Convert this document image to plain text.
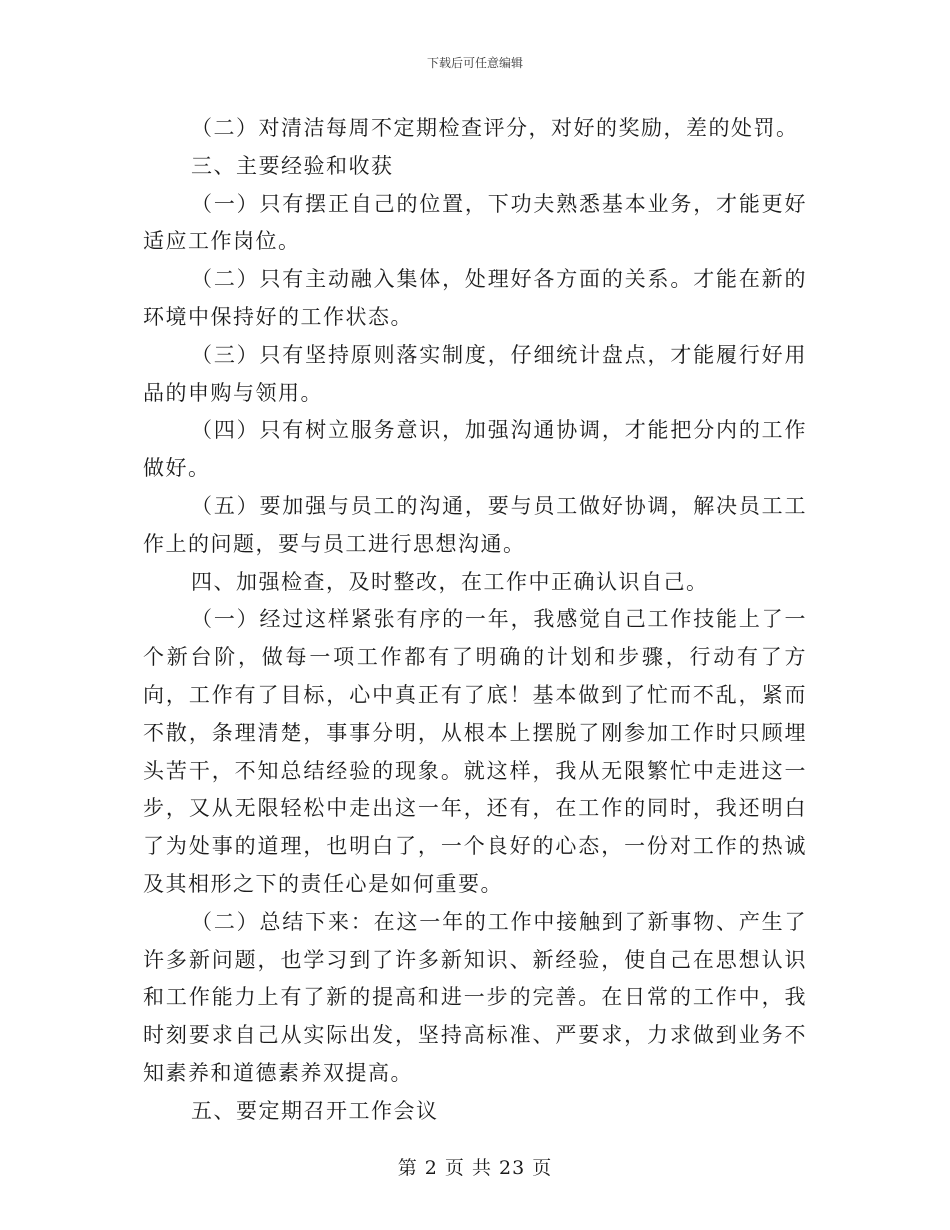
下载后可任意编辑

（二）对清洁每周不定期检查评分，对好的奖励，差的处罚。

三、主要经验和收获

（一）只有摆正自己的位置，下功夫熟悉基本业务，才能更好适应工作岗位。

（二）只有主动融入集体，处理好各方面的关系。才能在新的环境中保持好的工作状态。

（三）只有坚持原则落实制度，仔细统计盘点，才能履行好用品的申购与领用。

（四）只有树立服务意识，加强沟通协调，才能把分内的工作做好。

（五）要加强与员工的沟通，要与员工做好协调，解决员工工作上的问题，要与员工进行思想沟通。

四、加强检查，及时整改，在工作中正确认识自己。

（一）经过这样紧张有序的一年，我感觉自己工作技能上了一个新台阶，做每一项工作都有了明确的计划和步骤，行动有了方向，工作有了目标，心中真正有了底！基本做到了忙而不乱，紧而不散，条理清楚，事事分明，从根本上摆脱了刚参加工作时只顾埋头苦干，不知总结经验的现象。就这样，我从无限繁忙中走进这一步，又从无限轻松中走出这一年，还有，在工作的同时，我还明白了为处事的道理，也明白了，一个良好的心态，一份对工作的热诚及其相形之下的责任心是如何重要。

（二）总结下来：在这一年的工作中接触到了新事物、产生了许多新问题，也学习到了许多新知识、新经验，使自己在思想认识和工作能力上有了新的提高和进一步的完善。在日常的工作中，我时刻要求自己从实际出发，坚持高标准、严要求，力求做到业务不知素养和道德素养双提高。

五、要定期召开工作会议

第 2 页 共 23 页
